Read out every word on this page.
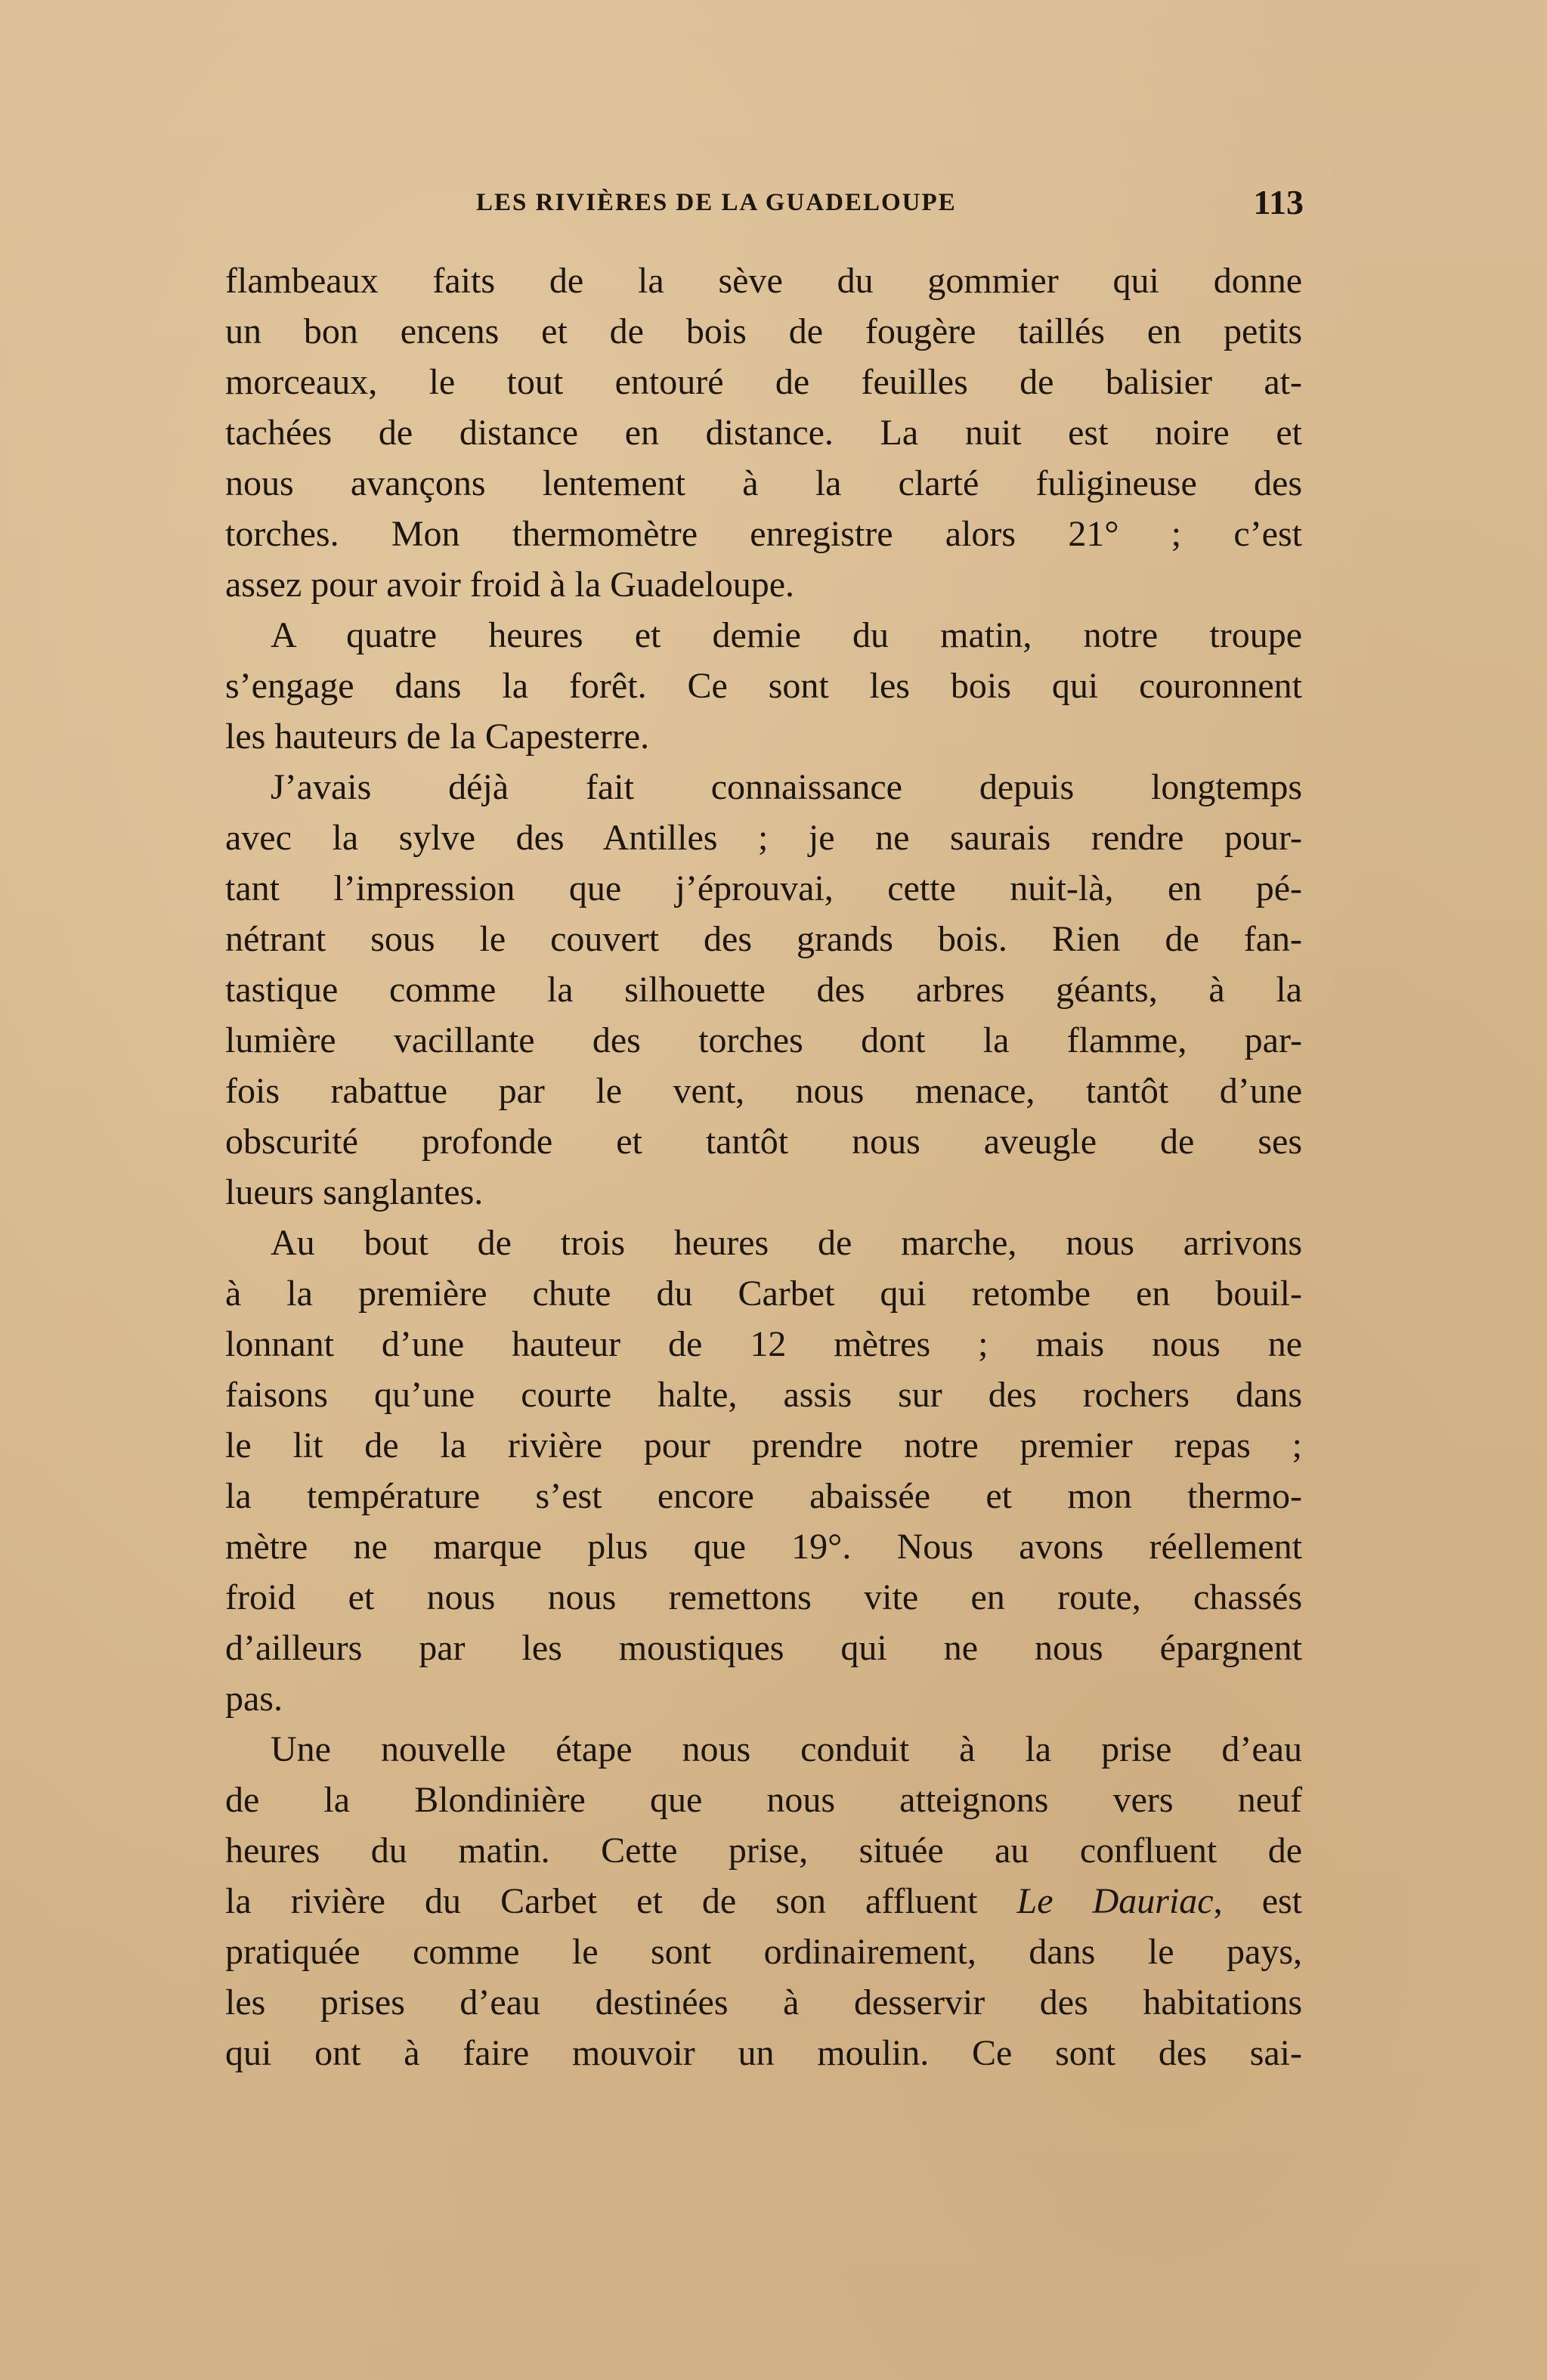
LES RIVIÈRES DE LA GUADELOUPE	113
flambeaux faits de la sève du gommier qui donne
un bon encens et de bois de fougère taillés en petits
morceaux, le tout entouré de feuilles de balisier at-
tachées de distance en distance. La nuit est noire et
nous avançons lentement à la clarté fuligineuse des
torches. Mon thermomètre enregistre alors 21° ; c’est
assez pour avoir froid à la Guadeloupe.
A quatre heures et demie du matin, notre troupe
s’engage dans la forêt. Ce sont les bois qui couronnent
les hauteurs de la Capesterre.
J’avais déjà fait connaissance depuis longtemps
avec la sylve des Antilles ; je ne saurais rendre pour-
tant l’impression que j’éprouvai, cette nuit-là, en pé-
nétrant sous le couvert des grands bois. Rien de fan-
tastique comme la silhouette des arbres géants, à la
lumière vacillante des torches dont la flamme, par-
fois rabattue par le vent, nous menace, tantôt d’une
obscurité profonde et tantôt nous aveugle de ses
lueurs sanglantes.
Au bout de trois heures de marche, nous arrivons
à la première chute du Carbet qui retombe en bouil-
lonnant d’une hauteur de 12 mètres ; mais nous ne
faisons qu’une courte halte, assis sur des rochers dans
le lit de la rivière pour prendre notre premier repas ;
la température s’est encore abaissée et mon thermo-
mètre ne marque plus que 19°. Nous avons réellement
froid et nous nous remettons vite en route, chassés
d’ailleurs par les moustiques qui ne nous épargnent
pas.
Une nouvelle étape nous conduit à la prise d’eau
de la Blondinière que nous atteignons vers neuf
heures du matin. Cette prise, située au confluent de
la rivière du Carbet et de son affluent Le Dauriac, est
pratiquée comme le sont ordinairement, dans le pays,
les prises d’eau destinées à desservir des habitations
qui ont à faire mouvoir un moulin. Ce sont des sai-
